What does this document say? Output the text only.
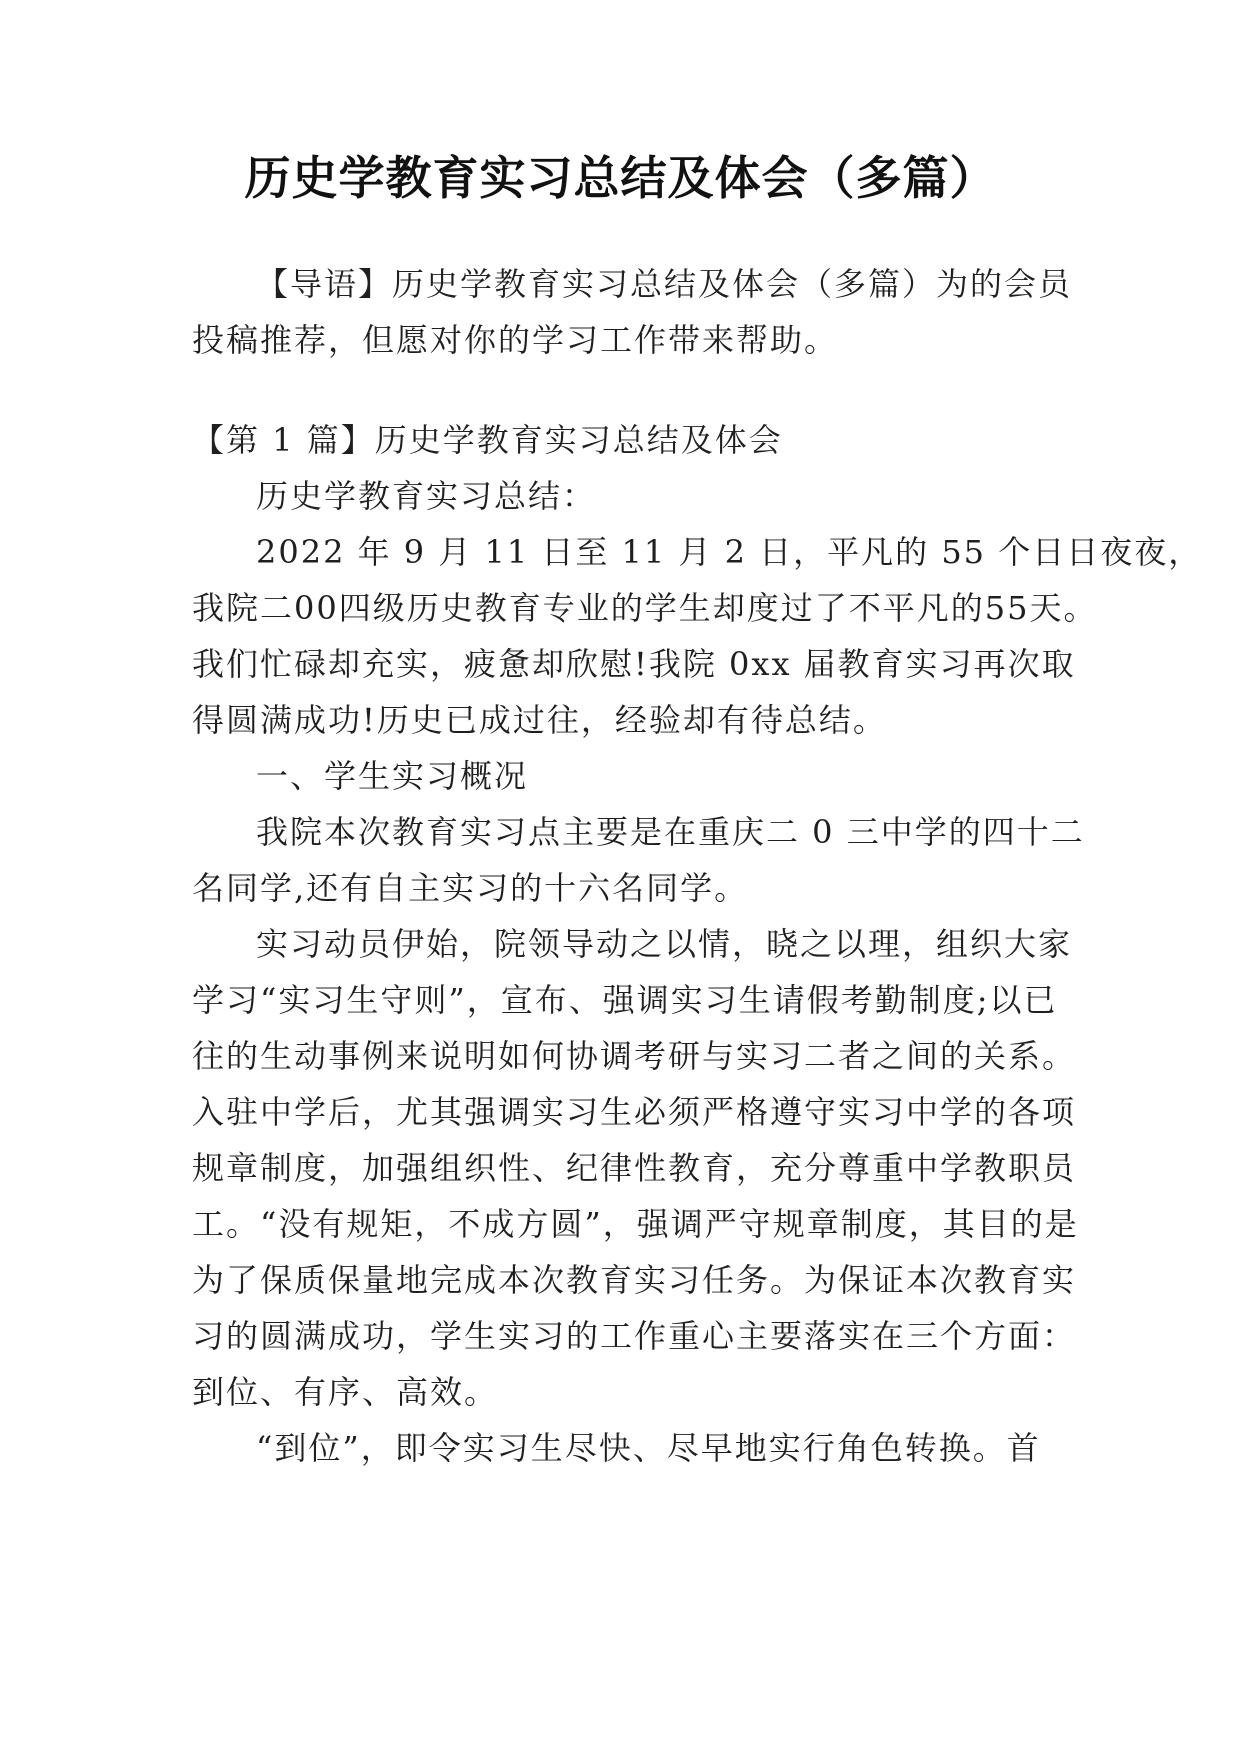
历史学教育实习总结及体会（多篇）
【导语】历史学教育实习总结及体会（多篇）为的会员
投稿推荐，但愿对你的学习工作带来帮助。
【第 1 篇】历史学教育实习总结及体会
历史学教育实习总结：
2022 年 9 月 11 日至 11 月 2 日，平凡的 55 个日日夜夜，
我院二00四级历史教育专业的学生却度过了不平凡的55天。
我们忙碌却充实，疲惫却欣慰!我院 0xx 届教育实习再次取
得圆满成功!历史已成过往，经验却有待总结。
一、学生实习概况
我院本次教育实习点主要是在重庆二 0 三中学的四十二
名同学,还有自主实习的十六名同学。
实习动员伊始，院领导动之以情，晓之以理，组织大家
学习“实习生守则”，宣布、强调实习生请假考勤制度;以已
往的生动事例来说明如何协调考研与实习二者之间的关系。
入驻中学后，尤其强调实习生必须严格遵守实习中学的各项
规章制度，加强组织性、纪律性教育，充分尊重中学教职员
工。“没有规矩，不成方圆”，强调严守规章制度，其目的是
为了保质保量地完成本次教育实习任务。为保证本次教育实
习的圆满成功，学生实习的工作重心主要落实在三个方面：
到位、有序、高效。
“到位”，即令实习生尽快、尽早地实行角色转换。首
